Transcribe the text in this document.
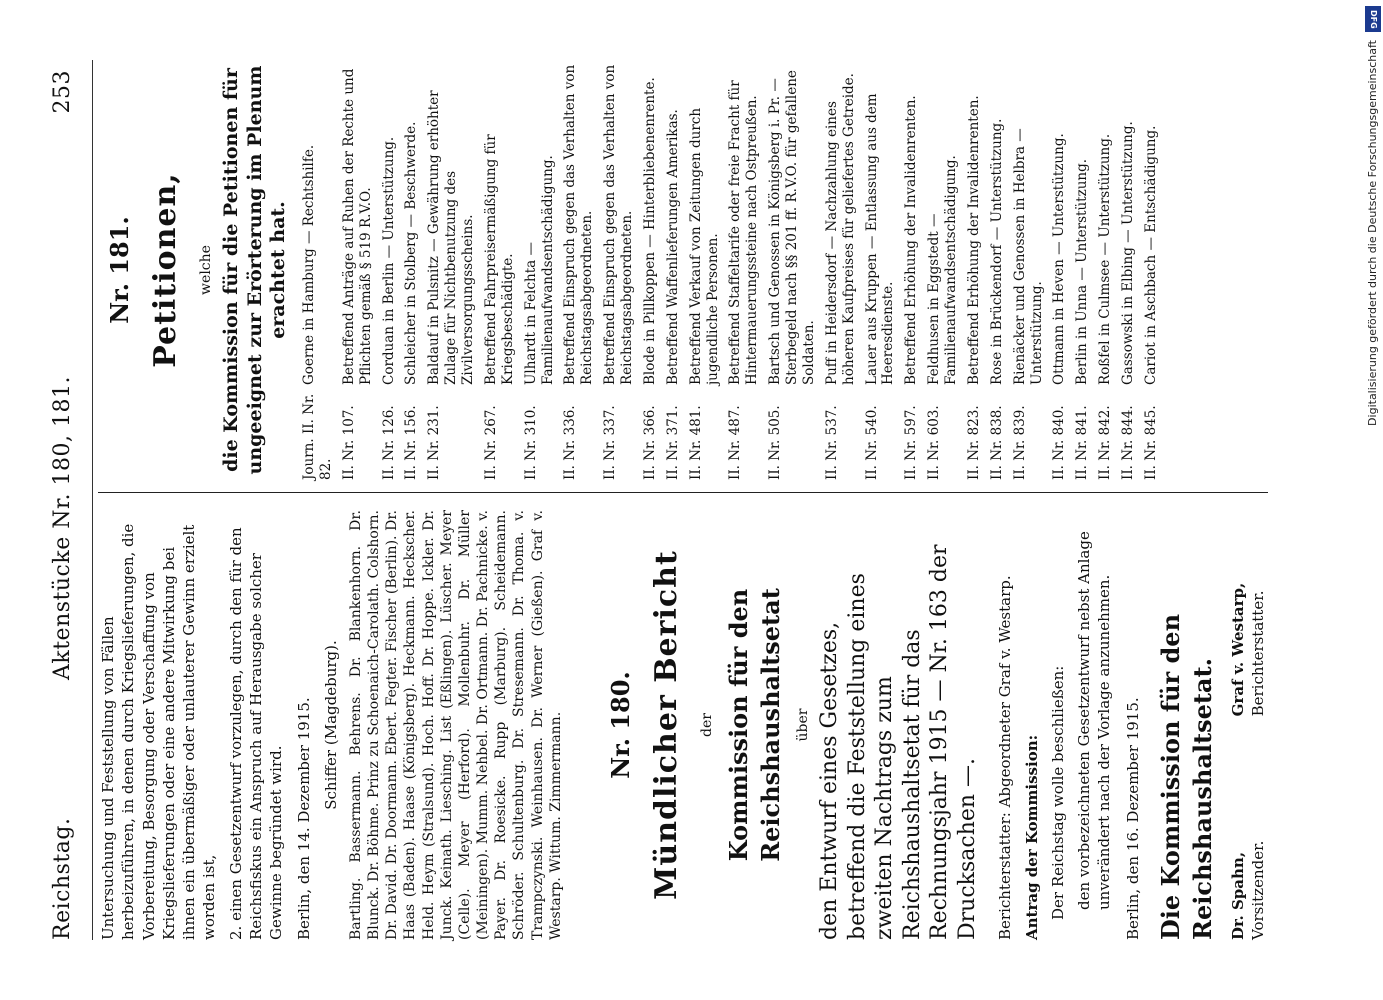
Reichstag.
Aktenstücke Nr. 180, 181.
253

Untersuchung und Feststellung von Fällen herbeizuführen, in denen durch Kriegslieferungen, die Vorbereitung, Besorgung oder Verschaffung von Kriegslieferungen oder eine andere Mitwirkung bei ihnen ein übermäßiger oder unlauterer Gewinn erzielt worden ist, 2. einen Gesetzentwurf vorzulegen, durch den für den Reichsfiskus ein Anspruch auf Herausgabe solcher Gewinne begründet wird. Berlin, den 14. Dezember 1915. Schiffer (Magdeburg). Bartling. Bassermann. Behrens. Dr. Blankenhorn. Dr. Blunck. Dr. Böhme. Prinz zu Schoenaich-Carolath. Colshorn. Dr. David. Dr. Doormann. Ebert. Fegter. Fischer (Berlin). Dr. Haas (Baden). Haase (Königsberg). Heckmann. Heckscher. Held. Heym (Stralsund). Hoch. Hoff. Dr. Hoppe. Ickler. Dr. Junck. Keinath. Liesching. List (Eßlingen). Lüscher. Meyer (Celle). Meyer (Herford). Mollenbuhr. Dr. Müller (Meiningen). Mumm. Nehbel. Dr. Ortmann. Dr. Pachnicke. v. Payer. Dr. Roesicke. Rupp (Marburg). Scheidemann. Schröder. Schultenburg. Dr. Stresemann. Dr. Thoma. v. Trampczynski. Weinhausen. Dr. Werner (Gießen). Graf v. Westarp. Wittum. Zimmermann. Nr. 180. Mündlicher Bericht der Kommission für den Reichshaushaltsetat über den Entwurf eines Gesetzes, betreffend die Feststellung eines zweiten Nachtrags zum Reichshaushaltsetat für das Rechnungsjahr 1915 — Nr. 163 der Drucksachen —. Berichterstatter: Abgeordneter Graf v. Westarp. Antrag der Kommission: Der Reichstag wolle beschließen: den vorbezeichneten Gesetzentwurf nebst Anlage unverändert nach der Vorlage anzunehmen. Berlin, den 16. Dezember 1915. Die Kommission für den Reichshaushaltsetat. Dr. Spahn, Vorsitzender.
Graf v. Westarp, Berichterstatter.
Nr. 181. Petitionen, welche die Kommission für die Petitionen für ungeeignet zur Erörterung im Plenum erachtet hat.

Journ. II. Nr. 82.
Goerne in Hamburg — Rechtshilfe.
II. Nr. 107.
Betreffend Anträge auf Ruhen der Rechte und Pflichten gemäß § 519 R.V.O.
II. Nr. 126.
Corduan in Berlin — Unterstützung.
II. Nr. 156.
Schleicher in Stolberg — Beschwerde.
II. Nr. 231.
Baldauf in Pulsnitz — Gewährung erhöhter Zulage für Nichtbenutzung des Zivilversorgungsscheins.
II. Nr. 267.
Betreffend Fahrpreisermäßigung für Kriegsbeschädigte.
II. Nr. 310.
Ulhardt in Felchta — Familienaufwandsentschädigung.
II. Nr. 336.
Betreffend Einspruch gegen das Verhalten von Reichstagsabgeordneten.
II. Nr. 337.
Betreffend Einspruch gegen das Verhalten von Reichstagsabgeordneten.
II. Nr. 366.
Blode in Pillkoppen — Hinterbliebenenrente.
II. Nr. 371.
Betreffend Waffenlieferungen Amerikas.
II. Nr. 481.
Betreffend Verkauf von Zeitungen durch jugendliche Personen.
II. Nr. 487.
Betreffend Staffeltarife oder freie Fracht für Hintermauerungssteine nach Ostpreußen.
II. Nr. 505.
Bartsch und Genossen in Königsberg i. Pr. — Sterbegeld nach §§ 201 ff. R.V.O. für gefallene Soldaten.
II. Nr. 537.
Puff in Heidersdorf — Nachzahlung eines höheren Kaufpreises für geliefertes Getreide.
II. Nr. 540.
Lauer aus Kruppen — Entlassung aus dem Heeresdienste.
II. Nr. 597.
Betreffend Erhöhung der Invalidenrenten.
II. Nr. 603.
Feldhusen in Eggstedt — Familienaufwandsentschädigung.
II. Nr. 823.
Betreffend Erhöhung der Invalidenrenten.
II. Nr. 838.
Rose in Brückendorf — Unterstützung.
II. Nr. 839.
Rienäcker und Genossen in Helbra — Unterstützung.
II. Nr. 840.
Ottmann in Heven — Unterstützung.
II. Nr. 841.
Berlin in Unna — Unterstützung.
II. Nr. 842.
Roßfel in Culmsee — Unterstützung.
II. Nr. 844.
Gassowski in Elbing — Unterstützung.
II. Nr. 845.
Cariot in Aschbach — Entschädigung.
DFG
Digitalisierung gefördert durch die Deutsche Forschungsgemeinschaft
